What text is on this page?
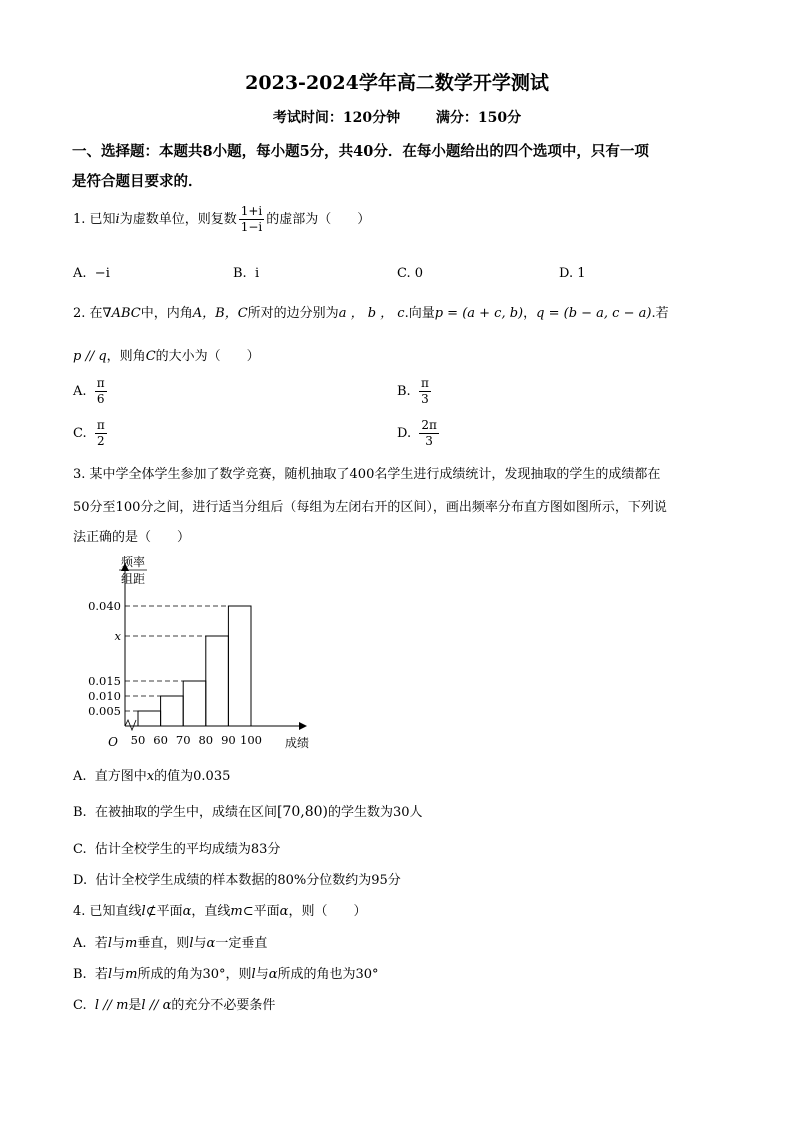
2023-2024学年高二数学开学测试
考试时间：120分钟	满分：150分
一、选择题：本题共8小题，每小题5分，共40分．在每小题给出的四个选项中，只有一项
是符合题目要求的．
1. 已知i为虚数单位，则复数 $\frac{1+i}{1-i}$ 的虚部为（　　）
A. −i	B. i	C. 0	D. 1
2. 在∇ABC中，内角A，B，C所对的边分别为a ， b ， c.向量p = (a + c, b)，q = (b − a, c − a).若
p // q，则角C的大小为（　　）
A. $\frac{\pi}{6}$	B. $\frac{\pi}{3}$
C. $\frac{\pi}{2}$	D. $\frac{2\pi}{3}$
3. 某中学全体学生参加了数学竞赛，随机抽取了400名学生进行成绩统计，发现抽取的学生的成绩都在
50分至100分之间，进行适当分组后（每组为左闭右开的区间），画出频率分布直方图如图所示，下列说
法正确的是（　　）
频率
组距
O	成绩
0.005
0.010
0.015
x
0.040
50 60 70 80 90 100
A. 直方图中x的值为0.035
B. 在被抽取的学生中，成绩在区间[70,80)的学生数为30人
C. 估计全校学生的平均成绩为83分
D. 估计全校学生成绩的样本数据的80%分位数约为95分
4. 已知直线l⊄平面α，直线m⊂平面α，则（　　）
A. 若l与m垂直，则l与α一定垂直
B. 若l与m所成的角为30°，则l与α所成的角也为30°
C. l // m是l // α的充分不必要条件
